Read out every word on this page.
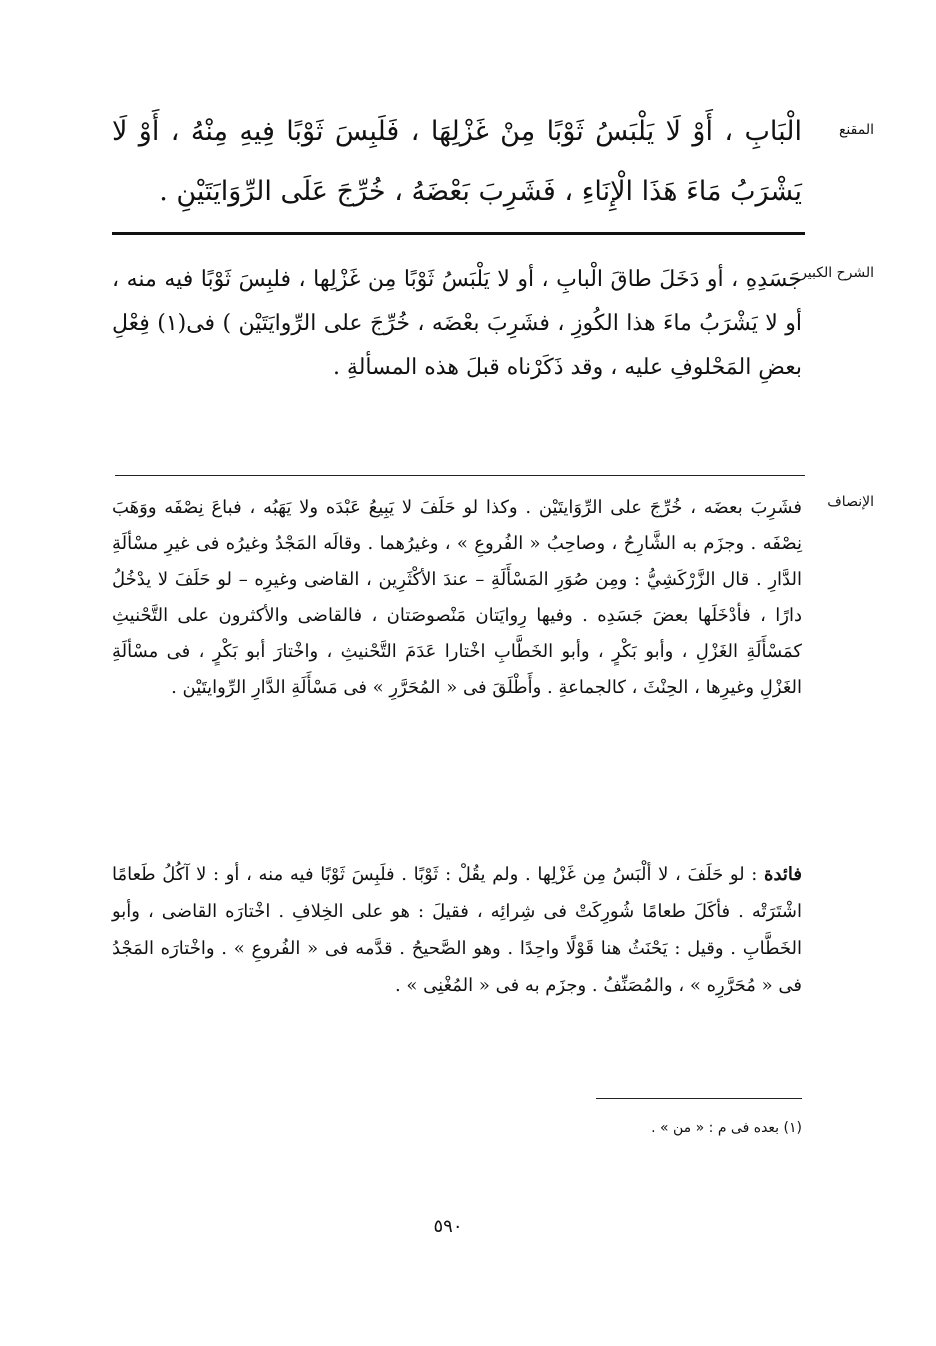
المقنع
الْبَابِ ، أَوْ لَا يَلْبَسُ ثَوْبًا مِنْ غَزْلِهَا ، فَلَبِسَ ثَوْبًا فِيهِ مِنْهُ ، أَوْ لَا يَشْرَبُ مَاءَ هَذَا الْإِنَاءِ ، فَشَرِبَ بَعْضَهُ ، خُرِّجَ عَلَى الرِّوَايَتَيْنِ .
الشرح الكبير
جَسَدِهِ ، أو دَخَلَ طاقَ الْبابِ ، أو لا يَلْبَسُ ثَوْبًا مِن غَزْلِها ، فلبِسَ ثَوْبًا فيه منه ، أو لا يَشْرَبُ ماءَ هذا الكُوزِ ، فشَرِبَ بعْضَه ، خُرِّجَ على الرِّوايَتَيْن ) فى(١) فِعْلِ بعضِ المَحْلوفِ عليه ، وقد ذَكَرْناه قبلَ هذه المسألةِ .
الإنصاف

فشَرِبَ بعضَه ، خُرِّجَ على الرِّوَايتَيْن . وكذا لو حَلَفَ لا يَبِيعُ عَبْدَه ولا يَهَبُه ، فباعَ نِصْفَه ووَهَبَ نِصْفَه . وجزَم به الشَّارِحُ ، وصاحِبُ « الفُروعِ » ، وغيرُهما . وقالَه المَجْدُ وغيرُه فى غيرِ مسْألَةِ الدَّارِ . قال الزَّرْكَشِيُّ : ومِن صُوَرِ المَسْأَلَةِ – عندَ الأكْثَرِين ، القاضى وغيرِه – لو حَلَفَ لا يدْخُلُ دارًا ، فأدْخَلَها بعضَ جَسَدِه . وفيها رِوايَتان مَنْصوصَتان ، فالقاضى والأكثرون على التَّحْنيثِ كمَسْأَلَةِ الغَزْلِ ، وأبو بَكْرٍ ، وأبو الخَطَّابِ اخْتارا عَدَمَ التَّحْنيثِ ، واخْتارَ أبو بَكْرٍ ، فى مسْألَةِ الغَزْلِ وغيرِها ، الحِنْثَ ، كالجماعةِ . وأَطْلَقَ فى « المُحَرَّرِ » فى مَسْأَلَةِ الدَّارِ الرِّوايتَيْن .

فائدة : لو حَلَفَ ، لا ألْبَسُ مِن غَزْلِها . ولم يقُلْ : ثَوْبًا . فلَبِسَ ثَوْبًا فيه منه ، أو : لا آكُلُ طَعامًا اشْتَرَتْه . فأكَلَ طعامًا شُورِكَتْ فى شِرائِه ، فقيلَ : هو على الخِلافِ . اخْتارَه القاضى ، وأبو الخَطَّابِ . وقيل : يَحْنَثُ هنا قَوْلًا واحِدًا . وهو الصَّحيحُ . قدَّمه فى « الفُروعِ » . واخْتارَه المَجْدُ فى « مُحَرَّرِه » ، والمُصَنِّفُ . وجزَم به فى « المُغْنِى » .

(١) بعده فى م : « من » .
٥٩٠
